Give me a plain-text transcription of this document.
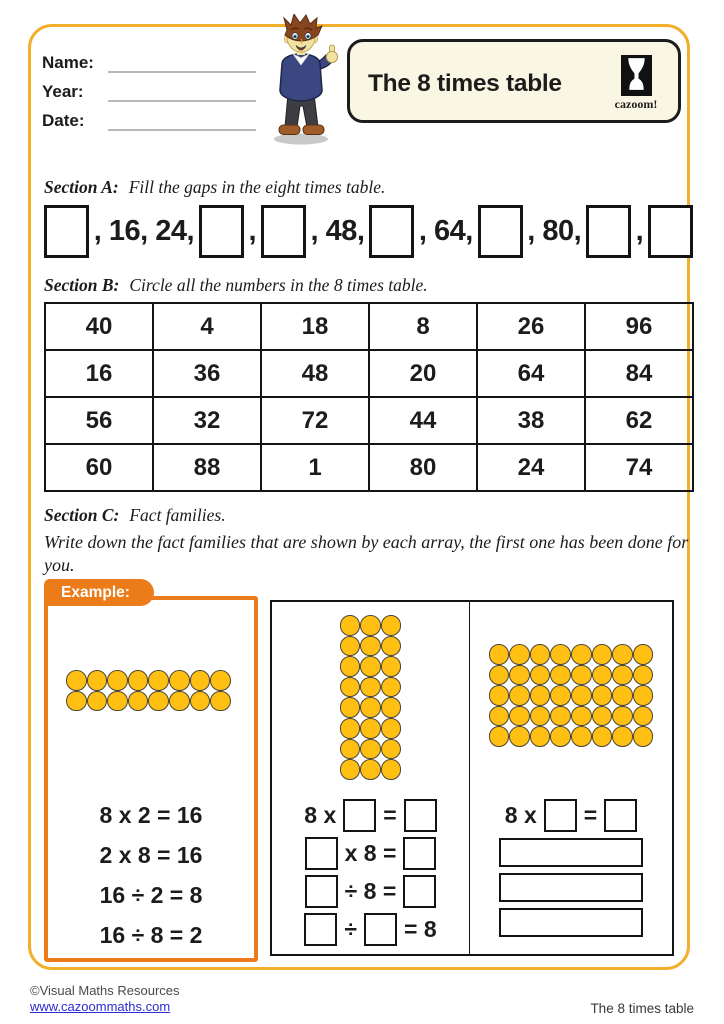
Name:
Year:
Date:
The 8 times table
cazoom!
Section A: Fill the gaps in the eight times table.
, 16, 24, , , 48, , 64, , 80, ,
Section B: Circle all the numbers in the 8 times table.
40	4	18	8	26	96
16	36	48	20	64	84
56	32	72	44	38	62
60	88	1	80	24	74
Section C: Fact families.
Write down the fact families that are shown by each array, the first one has been done for
you.
Example:
8 x 2 = 16
2 x 8 = 16
16 ÷ 2 = 8
16 ÷ 8 = 2
8 x =
x 8 =
÷ 8 =
÷ = 8
8 x =
©Visual Maths Resources
www.cazoommaths.com	The 8 times table
